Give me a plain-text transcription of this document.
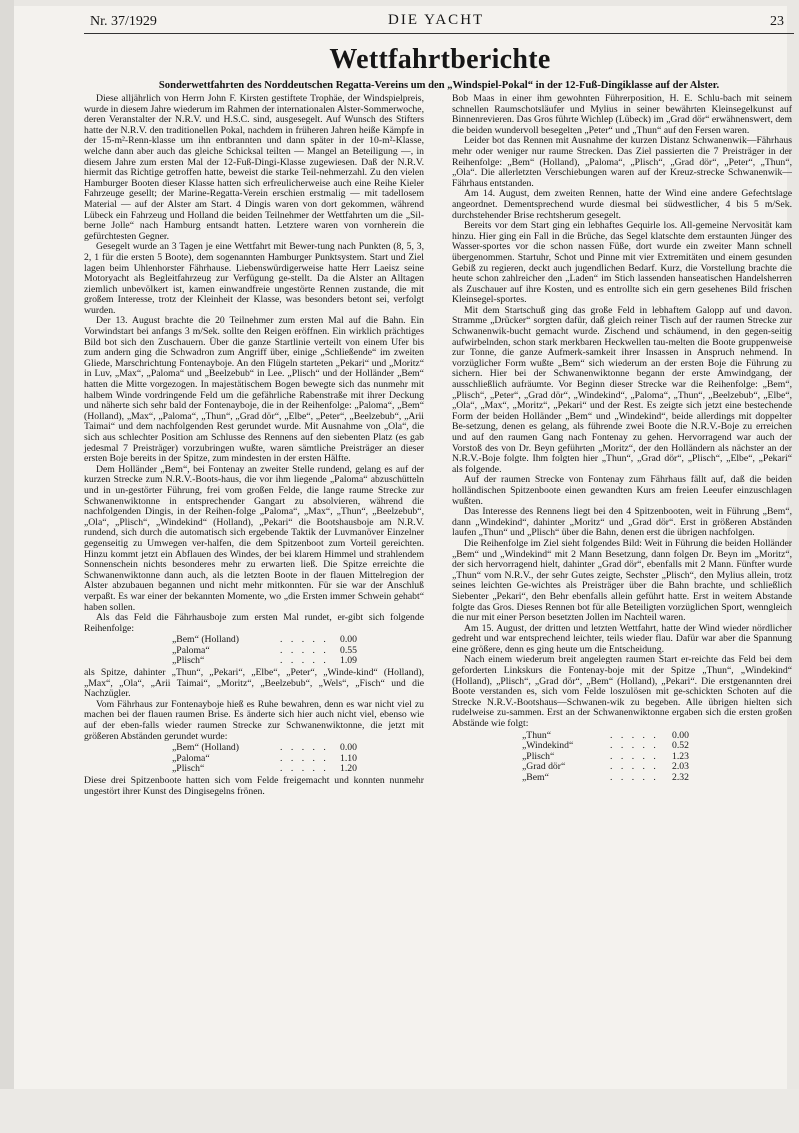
Nr. 37/1929	DIE YACHT	23
Wettfahrtberichte
Sonderwettfahrten des Norddeutschen Regatta-Vereins um den „Windspiel-Pokal“ in der 12-Fuß-Dingiklasse auf der Alster.

Diese alljährlich von Herrn John F. Kirsten gestiftete Trophäe, der Windspielpreis, wurde in diesem Jahre wiederum im Rahmen der internationalen Alster-Sommerwoche, deren Veranstalter der N.R.V. und H.S.C. sind, ausgesegelt. Auf Wunsch des Stifters hatte der N.R.V. den traditionellen Pokal, nachdem in früheren Jahren heiße Kämpfe in der 15-m²-Renn-klasse um ihn entbrannten und dann später in der 10-m²-Klasse, welche dann aber auch das gleiche Schicksal teilten — Mangel an Beteiligung —, in diesem Jahre zum ersten Mal der 12-Fuß-Dingi-Klasse zugewiesen. Daß der N.R.V. hiermit das Richtige getroffen hatte, beweist die starke Teil-nehmerzahl. Zu den vielen Hamburger Booten dieser Klasse hatten sich erfreulicherweise auch eine Reihe Kieler Fahrzeuge gesellt; der Marine-Regatta-Verein erschien erstmalig — mit tadellosem Material — auf der Alster am Start. 4 Dingis waren von dort gekommen, während Lübeck ein Fahrzeug und Holland die beiden Teilnehmer der Wettfahrten um die „Sil-berne Jolle“ nach Hamburg entsandt hatten. Letztere waren von vornherein die gefürchtesten Gegner.

Gesegelt wurde an 3 Tagen je eine Wettfahrt mit Bewer-tung nach Punkten (8, 5, 3, 2, 1 für die ersten 5 Boote), dem sogenannten Hamburger Punktsystem. Start und Ziel lagen beim Uhlenhorster Fährhause. Liebenswürdigerweise hatte Herr Laeisz seine Motoryacht als Begleitfahrzeug zur Verfügung ge-stellt. Da die Alster an Alltagen ziemlich unbevölkert ist, kamen einwandfreie ungestörte Rennen zustande, die mit großem Interesse, trotz der Kleinheit der Klasse, was besonders betont sei, verfolgt wurden.

Der 13. August brachte die 20 Teilnehmer zum ersten Mal auf die Bahn. Ein Vorwindstart bei anfangs 3 m/Sek. sollte den Reigen eröffnen. Ein wirklich prächtiges Bild bot sich den Zuschauern. Über die ganze Startlinie verteilt von einem Ufer bis zum andern ging die Schwadron zum Angriff über, einige „Schließende“ im zweiten Gliede, Marschrichtung Fontenayboje. An den Flügeln starteten „Pekari“ und „Moritz“ in Luv, „Max“, „Paloma“ und „Beelzebub“ in Lee. „Plisch“ und der Holländer „Bem“ hatten die Mitte vorgezogen. In majestätischem Bogen bewegte sich das nunmehr mit halbem Winde vordringende Feld um die gefährliche Rabenstraße mit ihrer Deckung und näherte sich sehr bald der Fontenayboje, die in der Reihenfolge: „Paloma“, „Bem“ (Holland), „Max“, „Paloma“, „Thun“, „Grad dör“, „Elbe“, „Peter“, „Beelzebub“, „Arii Taimai“ und dem nachfolgenden Rest gerundet wurde. Mit Ausnahme von „Ola“, die sich aus schlechter Position am Schlusse des Rennens auf den siebenten Platz (es gab jedesmal 7 Preisträger) vorzubringen wußte, waren sämtliche Preisträger an dieser ersten Boje bereits in der Spitze, zum mindesten in der ersten Hälfte.

Dem Holländer „Bem“, bei Fontenay an zweiter Stelle rundend, gelang es auf der kurzen Strecke zum N.R.V.-Boots-haus, die vor ihm liegende „Paloma“ abzuschütteln und in un-gestörter Führung, frei vom großen Felde, die lange raume Strecke zur Schwanenwiktonne in entsprechender Gangart zu absolvieren, während die nachfolgenden Dingis, in der Reihen-folge „Paloma“, „Max“, „Thun“, „Beelzebub“, „Ola“, „Plisch“, „Windekind“ (Holland), „Pekari“ die Bootshausboje am N.R.V. rundend, sich durch die automatisch sich ergebende Taktik der Luvmanöver Einzelner gegenseitig zu Umwegen ver-halfen, die dem Spitzenboot zum Vorteil gereichten. Hinzu kommt jetzt ein Abflauen des Windes, der bei klarem Himmel und strahlendem Sonnenschein nichts besonderes mehr zu erwarten ließ. Die Spitze erreichte die Schwanenwiktonne dann auch, als die letzten Boote in der flauen Mittelregion der Alster abzubauen begannen und nicht mehr mitkonnten. Für sie war der Anschluß verpaßt. Es war einer der bekannten Momente, wo „die Ersten immer Schwein gehabt“ haben sollen.

Als das Feld die Fährhausboje zum ersten Mal rundet, er-gibt sich folgende Reihenfolge:

„Bem“ (Holland)	. . . . .	0.00
„Paloma“	. . . . .	0.55
„Plisch“	. . . . .	1.09

als Spitze, dahinter „Thun“, „Pekari“, „Elbe“, „Peter“, „Winde-kind“ (Holland), „Max“, „Ola“, „Arii Taimai“, „Moritz“, „Beelzebub“, „Wels“, „Fisch“ und die Nachzügler.

Vom Fährhaus zur Fontenayboje hieß es Ruhe bewahren, denn es war nicht viel zu machen bei der flauen raumen Brise. Es änderte sich hier auch nicht viel, ebenso wie auf der eben-falls wieder raumen Strecke zur Schwanenwiktonne, die jetzt mit größeren Abständen gerundet wurde:

„Bem“ (Holland)	. . . . .	0.00
„Paloma“	. . . . .	1.10
„Plisch“	. . . . .	1.20

Diese drei Spitzenboote hatten sich vom Felde freigemacht und konnten nunmehr ungestört ihrer Kunst des Dingisegelns frönen.

Bob Maas in einer ihm gewohnten Führerposition, H. E. Schlu-bach mit seinem schnellen Raumschotsläufer und Mylius in seiner bewährten Kleinsegelkunst auf Binnenrevieren. Das Gros führte Wichlep (Lübeck) im „Grad dör“ erwähnenswert, dem die beiden wundervoll besegelten „Peter“ und „Thun“ auf den Fersen waren.

Leider bot das Rennen mit Ausnahme der kurzen Distanz Schwanenwik—Fährhaus mehr oder weniger nur raume Strecken. Das Ziel passierten die 7 Preisträger in der Reihenfolge: „Bem“ (Holland), „Paloma“, „Plisch“, „Grad dör“, „Peter“, „Thun“, „Ola“. Die allerletzten Verschiebungen waren auf der Kreuz-strecke Schwanenwik—Fährhaus entstanden.

Am 14. August, dem zweiten Rennen, hatte der Wind eine andere Gefechtslage angeordnet. Dementsprechend wurde diesmal bei südwestlicher, 4 bis 5 m/Sek. durchstehender Brise rechtsherum gesegelt.

Bereits vor dem Start ging ein lebhaftes Gequirle los. All-gemeine Nervosität kam hinzu. Hier ging ein Fall in die Brüche, das Segel klatschte dem erstaunten Jünger des Wasser-sportes vor die schon nassen Füße, dort wurde ein zweiter Mann schnell übergenommen. Startuhr, Schot und Pinne mit vier Extremitäten und einem gesunden Gebiß zu regieren, deckt auch jugendlichen Bedarf. Kurz, die Vorstellung brachte die heute schon zahlreicher den „Laden“ im Stich lassenden hanseatischen Handelsherren als Zuschauer auf ihre Kosten, und es entrollte sich ein gern gesehenes Bild frischen Kleinsegel-sportes.

Mit dem Startschuß ging das große Feld in lebhaftem Galopp auf und davon. Stramme „Drücker“ sorgten dafür, daß gleich reiner Tisch auf der raumen Strecke zur Schwanenwik-bucht gemacht wurde. Zischend und schäumend, in den gegen-seitig aufwirbelnden, schon stark merkbaren Heckwellen tau-melten die Boote gruppenweise zur Tonne, die ganze Aufmerk-samkeit ihrer Insassen in Anspruch nehmend. In vorzüglicher Form wußte „Bem“ sich wiederum an der ersten Boje die Führung zu sichern. Hier bei der Schwanenwiktonne begann der erste Amwindgang, der ausschließlich aufräumte. Vor Beginn dieser Strecke war die Reihenfolge: „Bem“, „Plisch“, „Peter“, „Grad dör“, „Windekind“, „Paloma“, „Thun“, „Beelzebub“, „Elbe“, „Ola“, „Max“, „Moritz“, „Pekari“ und der Rest. Es zeigte sich jetzt eine bestechende Form der beiden Holländer „Bem“ und „Windekind“, beide allerdings mit doppelter Be-setzung, denen es gelang, als führende zwei Boote die N.R.V.-Boje zu erreichen und auf den raumen Gang nach Fontenay zu gehen. Hervorragend war auch der Vorstoß des von Dr. Beyn geführten „Moritz“, der den Holländern als nächster an der N.R.V.-Boje folgte. Ihm folgten hier „Thun“, „Grad dör“, „Plisch“, „Elbe“, „Pekari“ als folgende.

Auf der raumen Strecke von Fontenay zum Fährhaus fällt auf, daß die beiden holländischen Spitzenboote einen gewandten Kurs am freien Leeufer einzuschlagen wußten.

Das Interesse des Rennens liegt bei den 4 Spitzenbooten, weit in Führung „Bem“, dann „Windekind“, dahinter „Moritz“ und „Grad dör“. Erst in größeren Abständen laufen „Thun“ und „Plisch“ über die Bahn, denen erst die übrigen nachfolgen.

Die Reihenfolge im Ziel sieht folgendes Bild: Weit in Führung die beiden Holländer „Bem“ und „Windekind“ mit 2 Mann Besetzung, dann folgen Dr. Beyn im „Moritz“, der sich hervorragend hielt, dahinter „Grad dör“, ebenfalls mit 2 Mann. Fünfter wurde „Thun“ vom N.R.V., der sehr Gutes zeigte, Sechster „Plisch“, den Mylius allein, trotz seines leichten Ge-wichtes als Preisträger über die Bahn brachte, und schließlich Siebenter „Pekari“, den Behr ebenfalls allein geführt hatte. Erst in weitem Abstande folgte das Gros. Dieses Rennen bot für alle Beteiligten vorzüglichen Sport, wenngleich die nur mit einer Person besetzten Jollen im Nachteil waren.

Am 15. August, der dritten und letzten Wettfahrt, hatte der Wind wieder nördlicher gedreht und war entsprechend leichter, teils wieder flau. Dafür war aber die Spannung eine größere, denn es ging heute um die Entscheidung.

Nach einem wiederum breit angelegten raumen Start er-reichte das Feld bei dem geforderten Linkskurs die Fontenay-boje mit der Spitze „Thun“, „Windekind“ (Holland), „Plisch“, „Grad dör“, „Bem“ (Holland), „Pekari“. Die erstgenannten drei Boote verstanden es, sich vom Felde loszulösen mit ge-schickten Schoten auf die Strecke N.R.V.-Bootshaus—Schwanen-wik zu begeben. Alle übrigen hielten sich rudelweise zu-sammen. Erst an der Schwanenwiktonne ergaben sich die ersten großen Abstände wie folgt:

„Thun“	. . . . .	0.00
„Windekind“	. . . . .	0.52
„Plisch“	. . . . .	1.23
„Grad dör“	. . . . .	2.03
„Bem“	. . . . .	2.32
